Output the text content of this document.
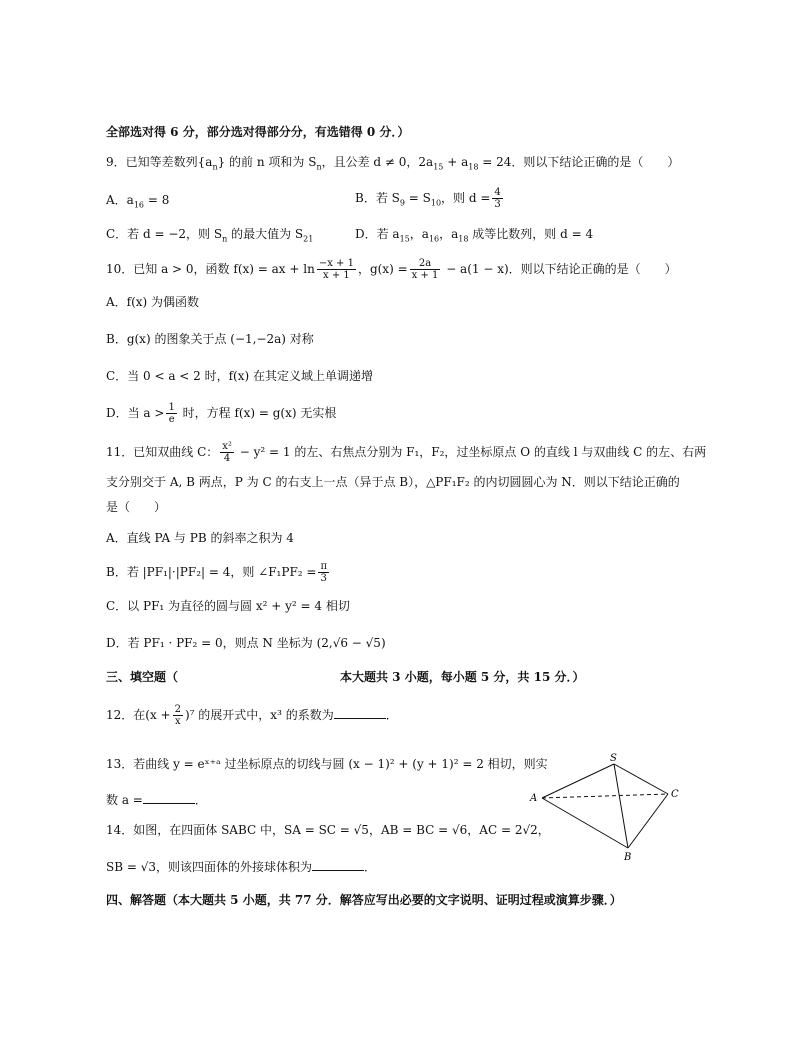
全部选对得 6 分，部分选对得部分分，有选错得 0 分．）
9．已知等差数列$\{a_n\}$ 的前 n 项和为 $S_n$，且公差 d ≠ 0，$2a_{15} + a_{18} = 24$．则以下结论正确的是（　　）
A．$a_{16} = 8$	B．若 $S_9 = S_{10}$，则 $d = \frac{4}{3}$
C．若 d = −2，则 $S_n$ 的最大值为 $S_{21}$	D．若 $a_{15}$，$a_{16}$，$a_{18}$ 成等比数列，则 d = 4
10．已知 a > 0，函数 f(x) = ax + $\ln \frac{-x + 1}{x + 1}$ ，$g(x) = \frac{2a}{x + 1} - a(1 - x)$．则以下结论正确的是（　　）
A．f(x) 为偶函数
B．g(x) 的图象关于点 (−1,−2a) 对称
C．当 0 < a < 2 时，f(x) 在其定义域上单调递增
D．当 $a > \frac{1}{e}$ 时，方程 f(x) = g(x) 无实根
11．已知双曲线 C： $\frac{\text{x²}}{4} - y^2 = 1$ 的左、右焦点分别为 F₁，F₂，过坐标原点 O 的直线 l 与双曲线 C 的左、右两
支分别交于 A, B 两点，P 为 C 的右支上一点（异于点 B），△PF₁F₂ 的内切圆圆心为 N．则以下结论正确的
是（　　）
A．直线 PA 与 PB 的斜率之积为 4
B．若 |PF₁|·|PF₂| = 4，则 ∠F₁PF₂ = $\frac{\pi}{3}$
C．以 PF₁ 为直径的圆与圆 x² + y² = 4 相切
D．若 PF₁ · PF₂ = 0，则点 N 坐标为 (2,√6 − √5)
三、填空题（	本大题共 3 小题，每小题 5 分，共 15 分．）
12．在$(x + \frac{2}{x} )^7$ 的展开式中，x³ 的系数为	．
13．若曲线 y = eˣ⁺ᵃ 过坐标原点的切线与圆 (x − 1)² + (y + 1)² = 2 相切，则实
数 a =	．
14．如图，在四面体 SABC 中，SA = SC = √5，AB = BC = √6，AC = 2√2，
SB = √3，则该四面体的外接球体积为	．
S
A
B
C
四、解答题（本大题共 5 小题，共 77 分．解答应写出必要的文字说明、证明过程或演算步骤．）
